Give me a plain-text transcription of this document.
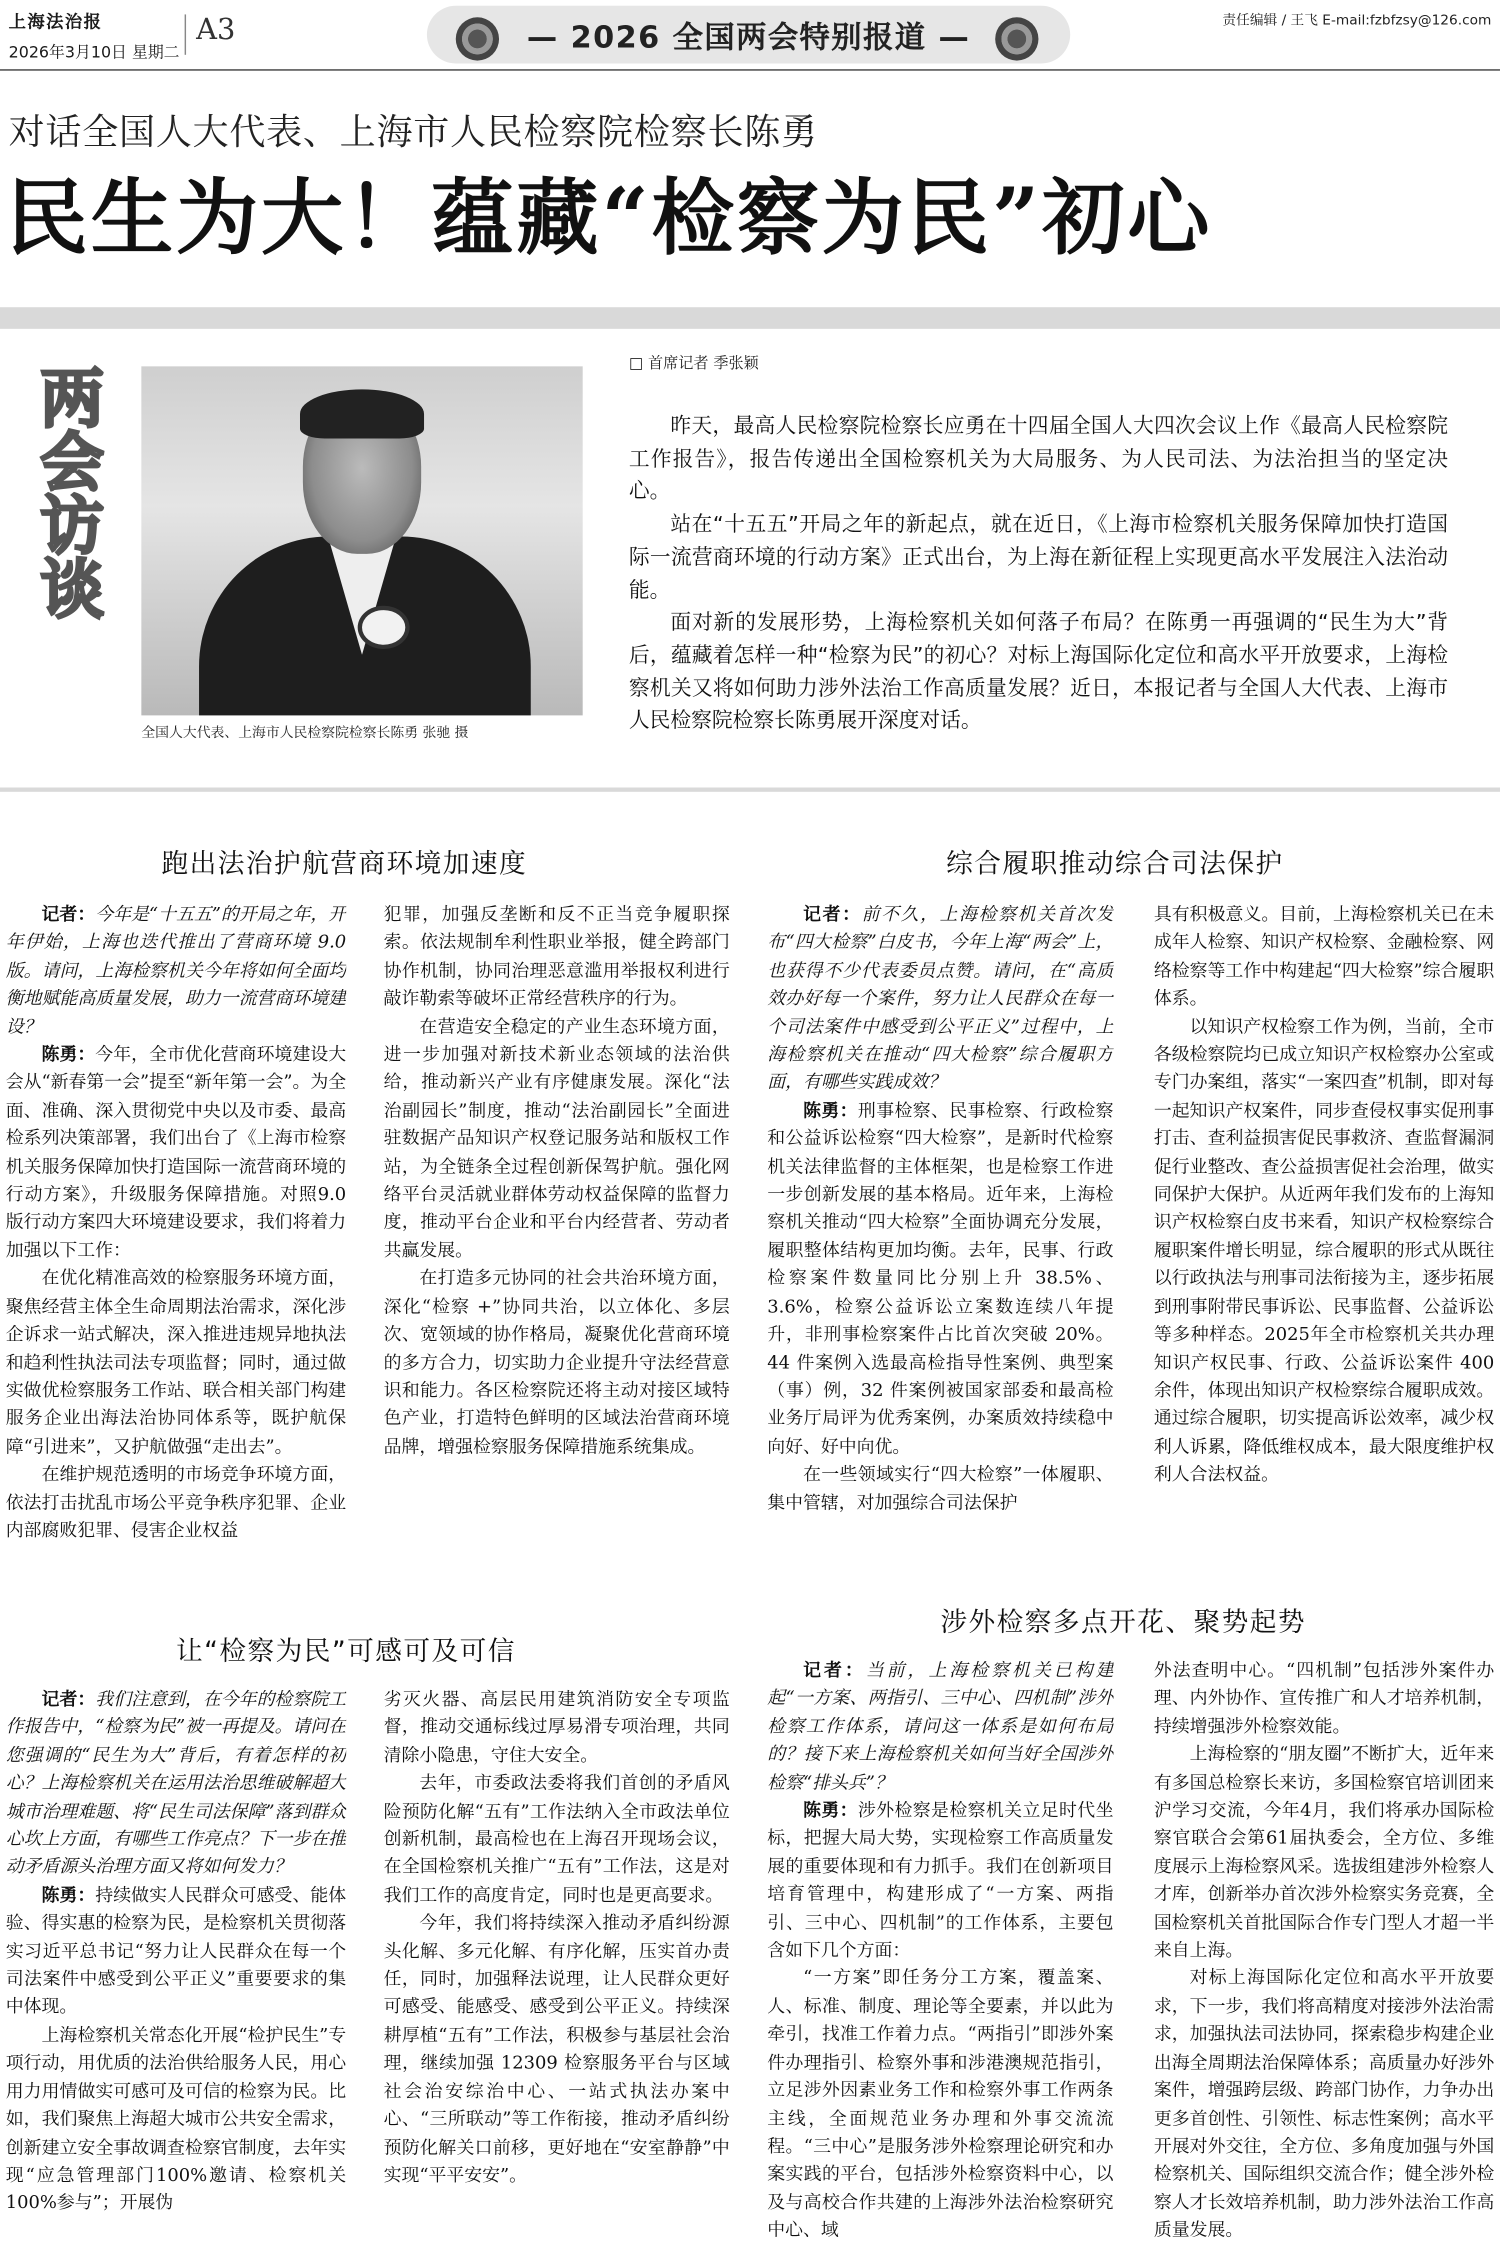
上海法治报
2026年3月10日 星期二
A3	— 2026 全国两会特别报道 —	责任编辑 / 王飞 E-mail:fzbfzsy@126.com
对话全国人大代表、上海市人民检察院检察长陈勇
民生为大！蕴藏“检察为民”初心
两
会
访
谈
全国人大代表、上海市人民检察院检察长陈勇 张驰 摄
□ 首席记者 季张颖

昨天，最高人民检察院检察长应勇在十四届全国人大四次会议上作《最高人民检察院工作报告》，报告传递出全国检察机关为大局服务、为人民司法、为法治担当的坚定决心。

站在“十五五”开局之年的新起点，就在近日，《上海市检察机关服务保障加快打造国际一流营商环境的行动方案》正式出台，为上海在新征程上实现更高水平发展注入法治动能。

面对新的发展形势，上海检察机关如何落子布局？在陈勇一再强调的“民生为大”背后，蕴藏着怎样一种“检察为民”的初心？对标上海国际化定位和高水平开放要求，上海检察机关又将如何助力涉外法治工作高质量发展？近日，本报记者与全国人大代表、上海市人民检察院检察长陈勇展开深度对话。

跑出法治护航营商环境加速度

记者：今年是“十五五”的开局之年，开年伊始，上海也迭代推出了营商环境 9.0 版。请问，上海检察机关今年将如何全面均衡地赋能高质量发展，助力一流营商环境建设？

陈勇：今年，全市优化营商环境建设大会从“新春第一会”提至“新年第一会”。为全面、准确、深入贯彻党中央以及市委、最高检系列决策部署，我们出台了《上海市检察机关服务保障加快打造国际一流营商环境的行动方案》，升级服务保障措施。对照9.0版行动方案四大环境建设要求，我们将着力加强以下工作：

在优化精准高效的检察服务环境方面，聚焦经营主体全生命周期法治需求，深化涉企诉求一站式解决，深入推进违规异地执法和趋利性执法司法专项监督；同时，通过做实做优检察服务工作站、联合相关部门构建服务企业出海法治协同体系等，既护航保障“引进来”，又护航做强“走出去”。

在维护规范透明的市场竞争环境方面，依法打击扰乱市场公平竞争秩序犯罪、企业内部腐败犯罪、侵害企业权益

犯罪，加强反垄断和反不正当竞争履职探索。依法规制牟利性职业举报，健全跨部门协作机制，协同治理恶意滥用举报权利进行敲诈勒索等破坏正常经营秩序的行为。

在营造安全稳定的产业生态环境方面，进一步加强对新技术新业态领域的法治供给，推动新兴产业有序健康发展。深化“法治副园长”制度，推动“法治副园长”全面进驻数据产品知识产权登记服务站和版权工作站，为全链条全过程创新保驾护航。强化网络平台灵活就业群体劳动权益保障的监督力度，推动平台企业和平台内经营者、劳动者共赢发展。

在打造多元协同的社会共治环境方面，深化“检察 +”协同共治，以立体化、多层次、宽领域的协作格局，凝聚优化营商环境的多方合力，切实助力企业提升守法经营意识和能力。各区检察院还将主动对接区域特色产业，打造特色鲜明的区域法治营商环境品牌，增强检察服务保障措施系统集成。

综合履职推动综合司法保护

记者：前不久，上海检察机关首次发布“四大检察”白皮书，今年上海“两会”上，也获得不少代表委员点赞。请问，在“高质效办好每一个案件，努力让人民群众在每一个司法案件中感受到公平正义”过程中，上海检察机关在推动“四大检察”综合履职方面，有哪些实践成效？

陈勇：刑事检察、民事检察、行政检察和公益诉讼检察“四大检察”，是新时代检察机关法律监督的主体框架，也是检察工作进一步创新发展的基本格局。近年来，上海检察机关推动“四大检察”全面协调充分发展，履职整体结构更加均衡。去年，民事、行政检察案件数量同比分别上升 38.5%、3.6%，检察公益诉讼立案数连续八年提升，非刑事检察案件占比首次突破 20%。44 件案例入选最高检指导性案例、典型案（事）例，32 件案例被国家部委和最高检业务厅局评为优秀案例，办案质效持续稳中向好、好中向优。

在一些领域实行“四大检察”一体履职、集中管辖，对加强综合司法保护

具有积极意义。目前，上海检察机关已在未成年人检察、知识产权检察、金融检察、网络检察等工作中构建起“四大检察”综合履职体系。

以知识产权检察工作为例，当前，全市各级检察院均已成立知识产权检察办公室或专门办案组，落实“一案四查”机制，即对每一起知识产权案件，同步查侵权事实促刑事打击、查利益损害促民事救济、查监督漏洞促行业整改、查公益损害促社会治理，做实同保护大保护。从近两年我们发布的上海知识产权检察白皮书来看，知识产权检察综合履职案件增长明显，综合履职的形式从既往以行政执法与刑事司法衔接为主，逐步拓展到刑事附带民事诉讼、民事监督、公益诉讼等多种样态。2025年全市检察机关共办理知识产权民事、行政、公益诉讼案件 400 余件，体现出知识产权检察综合履职成效。通过综合履职，切实提高诉讼效率，减少权利人诉累，降低维权成本，最大限度维护权利人合法权益。

让“检察为民”可感可及可信

记者：我们注意到，在今年的检察院工作报告中，“检察为民”被一再提及。请问在您强调的“民生为大”背后，有着怎样的初心？上海检察机关在运用法治思维破解超大城市治理难题、将“民生司法保障”落到群众心坎上方面，有哪些工作亮点？下一步在推动矛盾源头治理方面又将如何发力？

陈勇：持续做实人民群众可感受、能体验、得实惠的检察为民，是检察机关贯彻落实习近平总书记“努力让人民群众在每一个司法案件中感受到公平正义”重要要求的集中体现。

上海检察机关常态化开展“检护民生”专项行动，用优质的法治供给服务人民，用心用力用情做实可感可及可信的检察为民。比如，我们聚焦上海超大城市公共安全需求，创新建立安全事故调查检察官制度，去年实现“应急管理部门100%邀请、检察机关100%参与”；开展伪

劣灭火器、高层民用建筑消防安全专项监督，推动交通标线过厚易滑专项治理，共同清除小隐患，守住大安全。

去年，市委政法委将我们首创的矛盾风险预防化解“五有”工作法纳入全市政法单位创新机制，最高检也在上海召开现场会议，在全国检察机关推广“五有”工作法，这是对我们工作的高度肯定，同时也是更高要求。

今年，我们将持续深入推动矛盾纠纷源头化解、多元化解、有序化解，压实首办责任，同时，加强释法说理，让人民群众更好可感受、能感受、感受到公平正义。持续深耕厚植“五有”工作法，积极参与基层社会治理，继续加强 12309 检察服务平台与区域社会治安综治中心、一站式执法办案中心、“三所联动”等工作衔接，推动矛盾纠纷预防化解关口前移，更好地在“安室静静”中实现“平平安安”。

涉外检察多点开花、聚势起势

记者：当前，上海检察机关已构建起“一方案、两指引、三中心、四机制”涉外检察工作体系，请问这一体系是如何布局的？接下来上海检察机关如何当好全国涉外检察“排头兵”？

陈勇：涉外检察是检察机关立足时代坐标，把握大局大势，实现检察工作高质量发展的重要体现和有力抓手。我们在创新项目培育管理中，构建形成了“一方案、两指引、三中心、四机制”的工作体系，主要包含如下几个方面：

“一方案”即任务分工方案，覆盖案、人、标准、制度、理论等全要素，并以此为牵引，找准工作着力点。“两指引”即涉外案件办理指引、检察外事和涉港澳规范指引，立足涉外因素业务工作和检察外事工作两条主线，全面规范业务办理和外事交流流程。“三中心”是服务涉外检察理论研究和办案实践的平台，包括涉外检察资料中心，以及与高校合作共建的上海涉外法治检察研究中心、域

外法查明中心。“四机制”包括涉外案件办理、内外协作、宣传推广和人才培养机制，持续增强涉外检察效能。

上海检察的“朋友圈”不断扩大，近年来有多国总检察长来访，多国检察官培训团来沪学习交流，今年4月，我们将承办国际检察官联合会第61届执委会，全方位、多维度展示上海检察风采。选拔组建涉外检察人才库，创新举办首次涉外检察实务竞赛，全国检察机关首批国际合作专门型人才超一半来自上海。

对标上海国际化定位和高水平开放要求，下一步，我们将高精度对接涉外法治需求，加强执法司法协同，探索稳步构建企业出海全周期法治保障体系；高质量办好涉外案件，增强跨层级、跨部门协作，力争办出更多首创性、引领性、标志性案例；高水平开展对外交往，全方位、多角度加强与外国检察机关、国际组织交流合作；健全涉外检察人才长效培养机制，助力涉外法治工作高质量发展。
